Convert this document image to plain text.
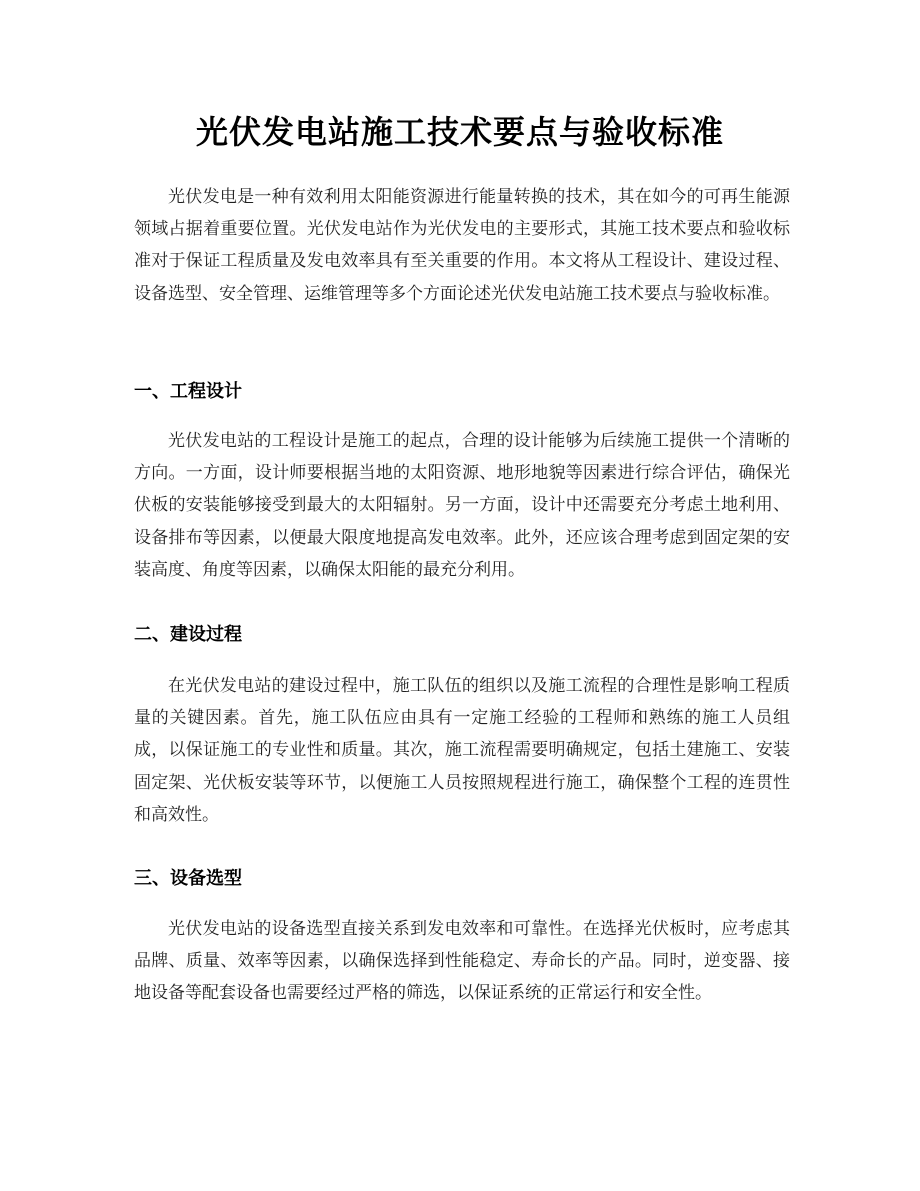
光伏发电站施工技术要点与验收标准

光伏发电是一种有效利用太阳能资源进行能量转换的技术，其在如今的可再生能源领域占据着重要位置。光伏发电站作为光伏发电的主要形式，其施工技术要点和验收标准对于保证工程质量及发电效率具有至关重要的作用。本文将从工程设计、建设过程、设备选型、安全管理、运维管理等多个方面论述光伏发电站施工技术要点与验收标准。

一、工程设计

光伏发电站的工程设计是施工的起点，合理的设计能够为后续施工提供一个清晰的方向。一方面，设计师要根据当地的太阳资源、地形地貌等因素进行综合评估，确保光伏板的安装能够接受到最大的太阳辐射。另一方面，设计中还需要充分考虑土地利用、设备排布等因素，以便最大限度地提高发电效率。此外，还应该合理考虑到固定架的安装高度、角度等因素，以确保太阳能的最充分利用。

二、建设过程

在光伏发电站的建设过程中，施工队伍的组织以及施工流程的合理性是影响工程质量的关键因素。首先，施工队伍应由具有一定施工经验的工程师和熟练的施工人员组成，以保证施工的专业性和质量。其次，施工流程需要明确规定，包括土建施工、安装固定架、光伏板安装等环节，以便施工人员按照规程进行施工，确保整个工程的连贯性和高效性。

三、设备选型

光伏发电站的设备选型直接关系到发电效率和可靠性。在选择光伏板时，应考虑其品牌、质量、效率等因素，以确保选择到性能稳定、寿命长的产品。同时，逆变器、接地设备等配套设备也需要经过严格的筛选，以保证系统的正常运行和安全性。
